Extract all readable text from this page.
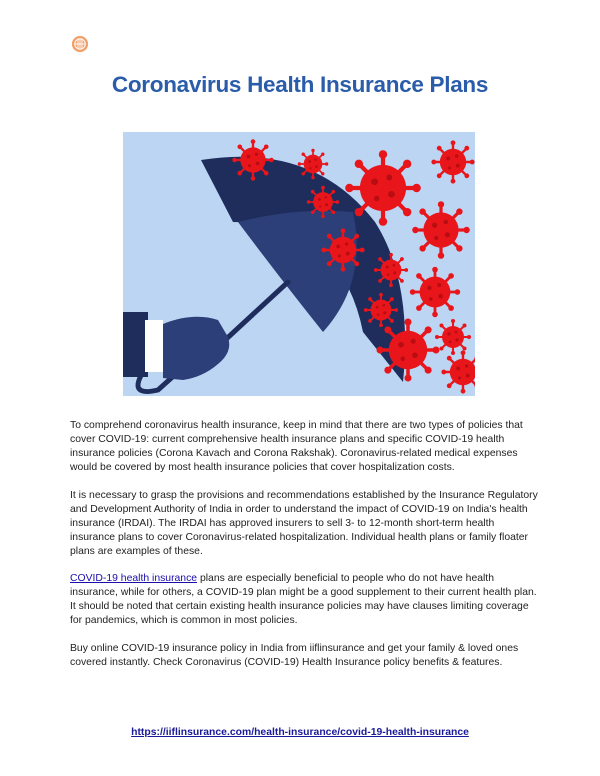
Coronavirus Health Insurance Plans

To comprehend coronavirus health insurance, keep in mind that there are two types of policies that cover COVID-19: current comprehensive health insurance plans and specific COVID-19 health insurance policies (Corona Kavach and Corona Rakshak). Coronavirus-related medical expenses would be covered by most health insurance policies that cover hospitalization costs.

It is necessary to grasp the provisions and recommendations established by the Insurance Regulatory and Development Authority of India in order to understand the impact of COVID-19 on India's health insurance (IRDAI). The IRDAI has approved insurers to sell 3- to 12-month short-term health insurance plans to cover Coronavirus-related hospitalization. Individual health plans or family floater plans are examples of these.

COVID-19 health insurance plans are especially beneficial to people who do not have health insurance, while for others, a COVID-19 plan might be a good supplement to their current health plan. It should be noted that certain existing health insurance policies may have clauses limiting coverage for pandemics, which is common in most policies.

Buy online COVID-19 insurance policy in India from iiflinsurance and get your family & loved ones covered instantly. Check Coronavirus (COVID-19) Health Insurance policy benefits & features.

https://iiflinsurance.com/health-insurance/covid-19-health-insurance
